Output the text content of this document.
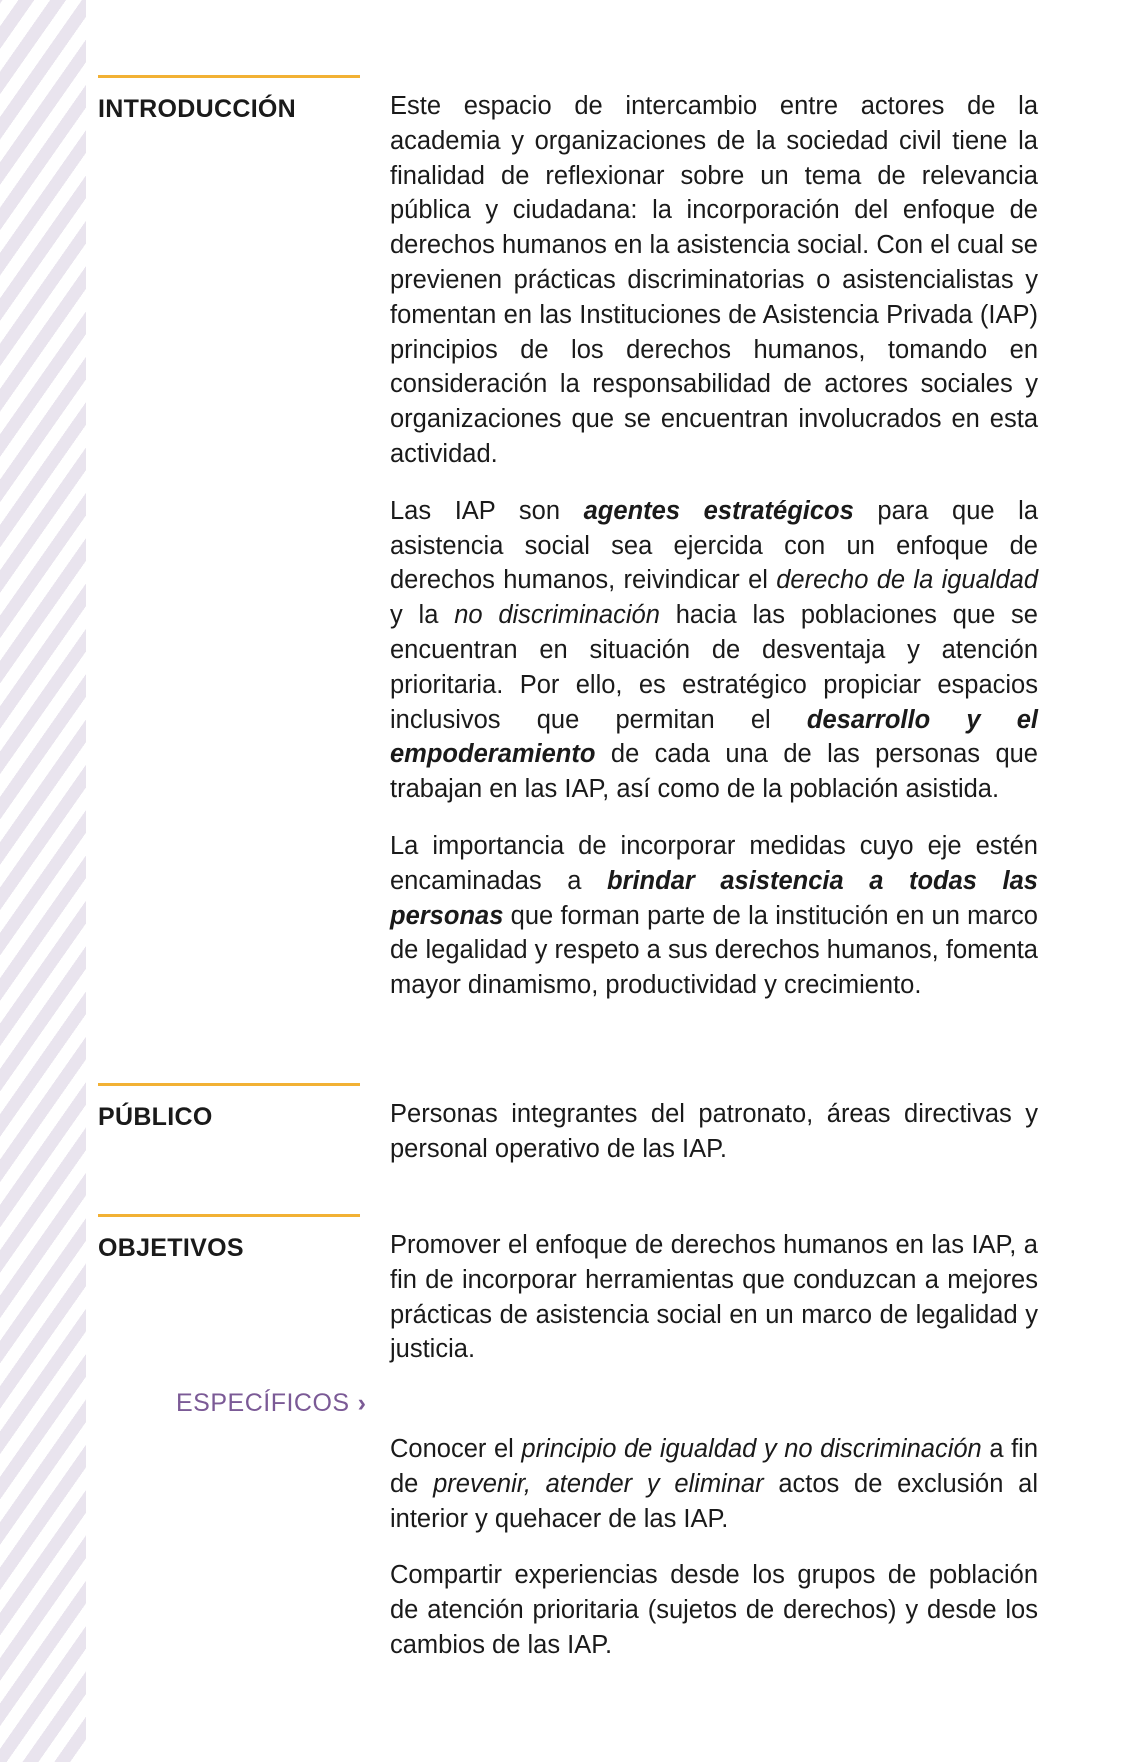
INTRODUCCIÓN	Este espacio de intercambio entre actores de la academia y organizaciones de la sociedad civil tiene la finalidad de reflexionar sobre un tema de relevancia pública y ciudadana: la incorporación del enfoque de derechos humanos en la asistencia social. Con el cual se previenen prácticas discriminatorias o asistencialistas y fomentan en las Instituciones de Asistencia Privada (IAP) principios de los derechos humanos, tomando en consideración la responsabilidad de actores sociales y organizaciones que se encuentran involucrados en esta actividad.

Las IAP son agentes estratégicos para que la asistencia social sea ejercida con un enfoque de derechos humanos, reivindicar el derecho de la igualdad y la no discriminación hacia las poblaciones que se encuentran en situación de desventaja y atención prioritaria. Por ello, es estratégico propiciar espacios inclusivos que permitan el desarrollo y el empoderamiento de cada una de las personas que trabajan en las IAP, así como de la población asistida.

La importancia de incorporar medidas cuyo eje estén encaminadas a brindar asistencia a todas las personas que forman parte de la institución en un marco de legalidad y respeto a sus derechos humanos, fomenta mayor dinamismo, productividad y crecimiento.

PÚBLICO	Personas integrantes del patronato, áreas directivas y personal operativo de las IAP.

OBJETIVOS	Promover el enfoque de derechos humanos en las IAP, a fin de incorporar herramientas que conduzcan a mejores prácticas de asistencia social en un marco de legalidad y justicia.

ESPECÍFICOS ›

Conocer el principio de igualdad y no discriminación a fin de prevenir, atender y eliminar actos de exclusión al interior y quehacer de las IAP.

Compartir experiencias desde los grupos de población de atención prioritaria (sujetos de derechos) y desde los cambios de las IAP.
